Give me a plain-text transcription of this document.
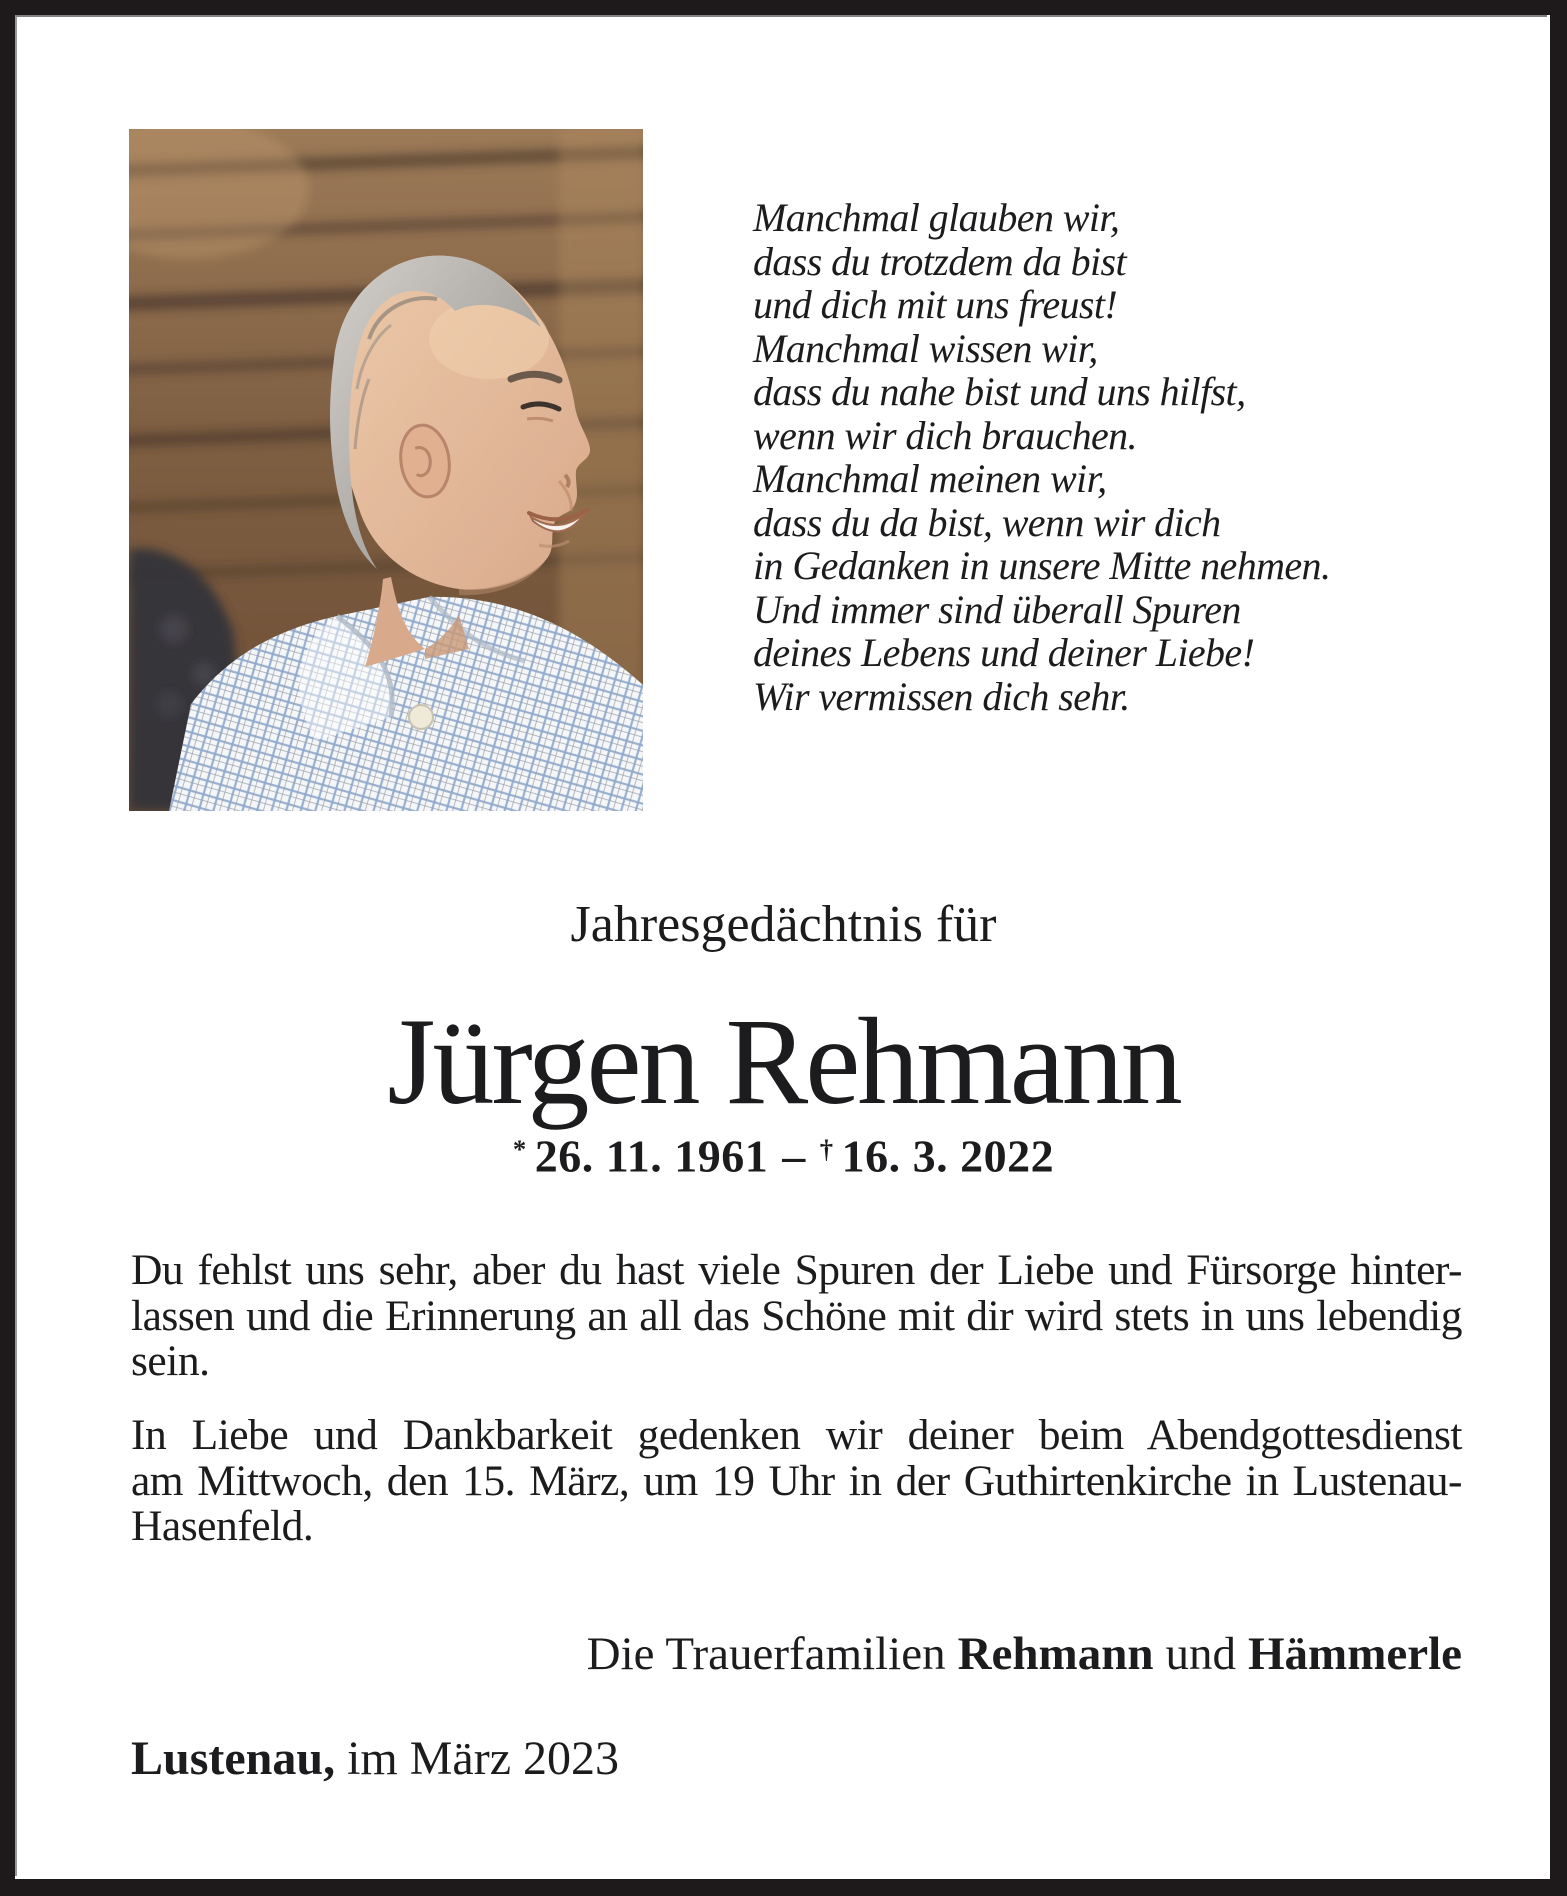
Manchmal glauben wir,
dass du trotzdem da bist
und dich mit uns freust!
Manchmal wissen wir,
dass du nahe bist und uns hilfst,
wenn wir dich brauchen.
Manchmal meinen wir,
dass du da bist, wenn wir dich
in Gedanken in unsere Mitte nehmen.
Und immer sind überall Spuren
deines Lebens und deiner Liebe!
Wir vermissen dich sehr.
Jahresgedächtnis für
Jürgen Rehmann
* 26. 11. 1961 – † 16. 3. 2022
Du fehlst uns sehr, aber du hast viele Spuren der Liebe und Fürsorge hinter-
lassen und die Erinnerung an all das Schöne mit dir wird stets in uns lebendig
sein.
In Liebe und Dankbarkeit gedenken wir deiner beim Abendgottesdienst
am Mittwoch, den 15. März, um 19 Uhr in der Guthirtenkirche in Lustenau-
Hasenfeld.
Die Trauerfamilien Rehmann und Hämmerle
Lustenau, im März 2023
